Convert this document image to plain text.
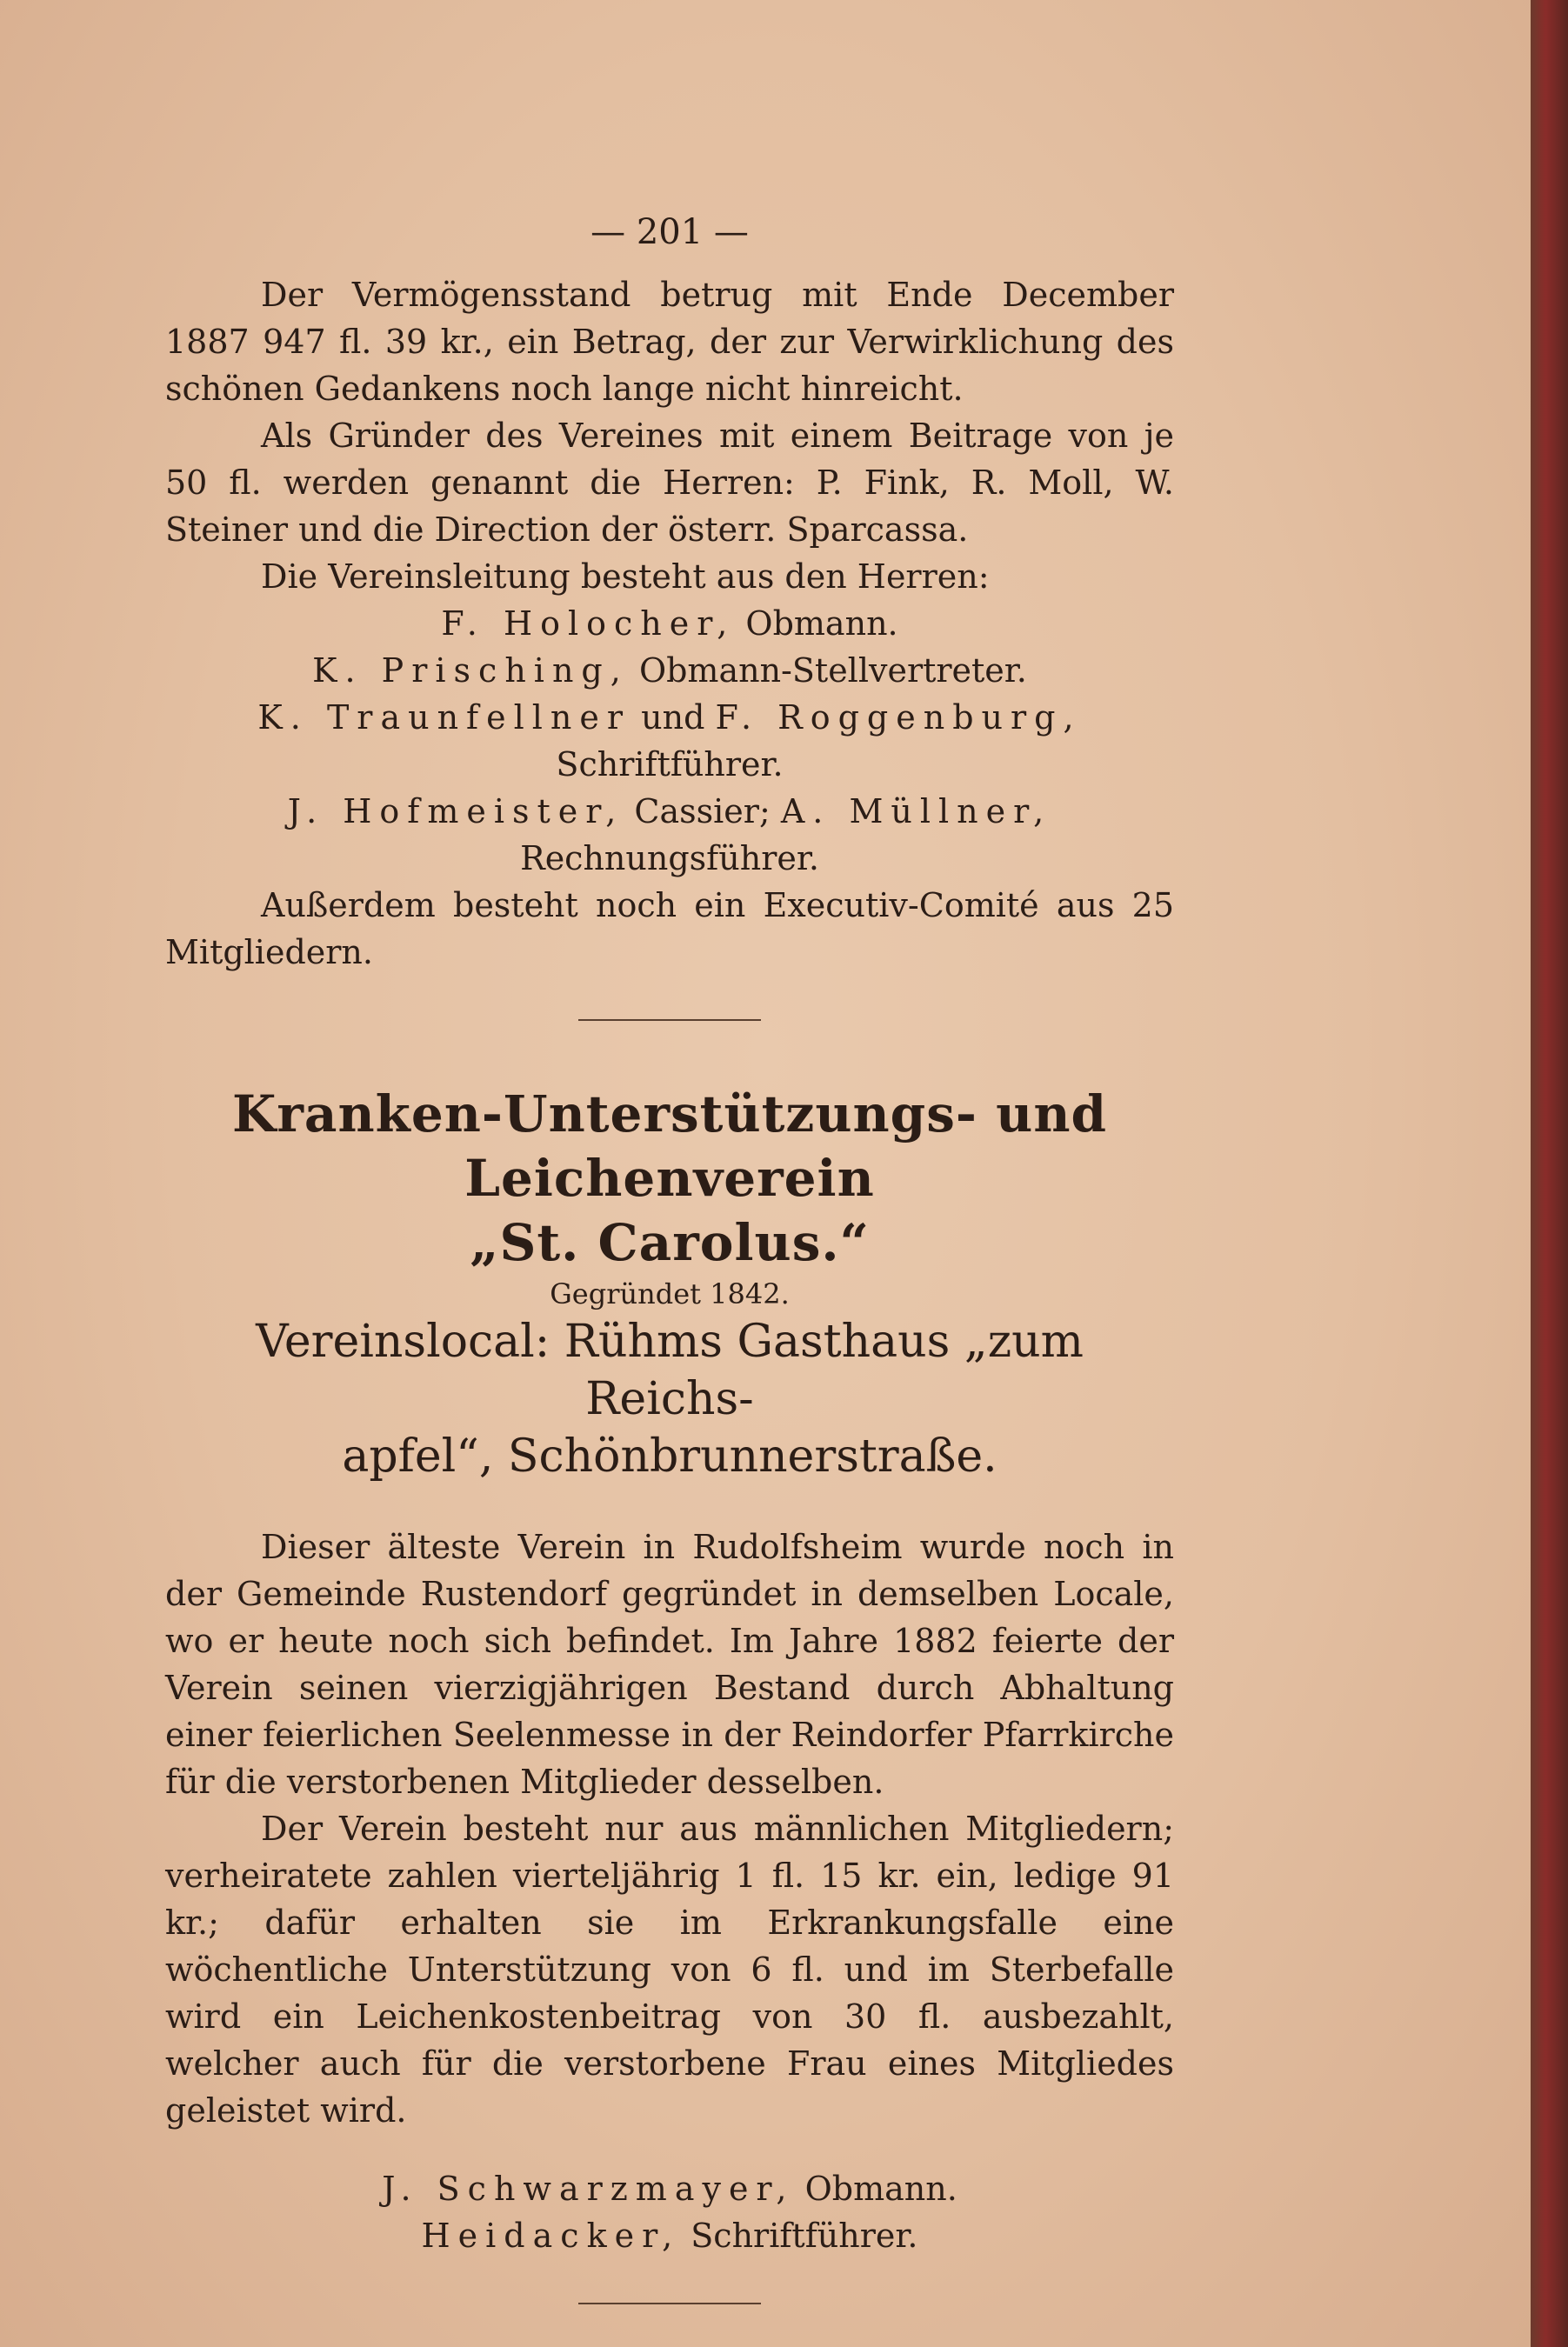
— 201 —

Der Vermögensstand betrug mit Ende December 1887 947 fl. 39 kr., ein Betrag, der zur Verwirklichung des schönen Gedankens noch lange nicht hinreicht.

Als Gründer des Vereines mit einem Beitrage von je 50 fl. werden genannt die Herren: P. Fink, R. Moll, W. Steiner und die Direction der österr. Sparcassa.

Die Vereinsleitung besteht aus den Herren:

F. Holocher, Obmann.
K. Prisching, Obmann-Stellvertreter.
K. Traunfellner und F. Roggenburg, Schriftführer.
J. Hofmeister, Cassier; A. Müllner, Rechnungsführer.

Außerdem besteht noch ein Executiv-Comité aus 25 Mitgliedern.

Kranken-Unterstützungs- und Leichenverein
„St. Carolus.“
Gegründet 1842.
Vereinslocal: Rühms Gasthaus „zum Reichs-
apfel“, Schönbrunnerstraße.

Dieser älteste Verein in Rudolfsheim wurde noch in der Gemeinde Rustendorf gegründet in demselben Locale, wo er heute noch sich befindet. Im Jahre 1882 feierte der Verein seinen vierzigjährigen Bestand durch Abhaltung einer feierlichen Seelenmesse in der Reindorfer Pfarrkirche für die verstorbenen Mitglieder desselben.

Der Verein besteht nur aus männlichen Mitgliedern; verheiratete zahlen vierteljährig 1 fl. 15 kr. ein, ledige 91 kr.; dafür erhalten sie im Erkrankungsfalle eine wöchentliche Unterstützung von 6 fl. und im Sterbefalle wird ein Leichenkostenbeitrag von 30 fl. ausbezahlt, welcher auch für die verstorbene Frau eines Mitgliedes geleistet wird.

J. Schwarzmayer, Obmann.
Heidacker, Schriftführer.
